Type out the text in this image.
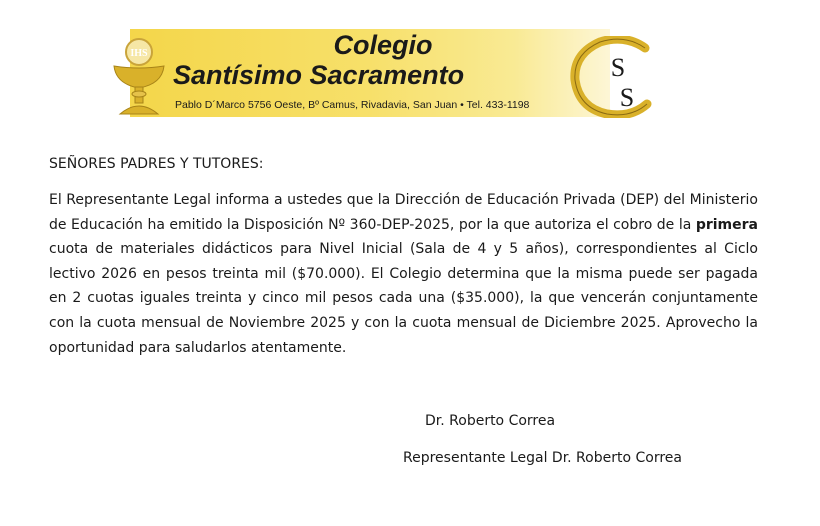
IHS	Colegio
Santísimo Sacramento
Pablo D´Marco 5756 Oeste, Bº Camus, Rivadavia, San Juan • Tel. 433-1198
S
S
SEÑORES PADRES Y TUTORES:

El Representante Legal informa a ustedes que la Dirección de Educación Privada (DEP) del Ministerio de Educación ha emitido la Disposición Nº 360-DEP-2025, por la que autoriza el cobro de la primera cuota de materiales didácticos para Nivel Inicial (Sala de 4 y 5 años), correspondientes al Ciclo lectivo 2026 en pesos treinta mil ($70.000). El Colegio determina que la misma puede ser pagada en 2 cuotas iguales treinta y cinco mil pesos cada una ($35.000), la que vencerán conjuntamente con la cuota mensual de Noviembre 2025 y con la cuota mensual de Diciembre 2025. Aprovecho la oportunidad para saludarlos atentamente.

Dr. Roberto Correa
Representante Legal Dr. Roberto Correa
